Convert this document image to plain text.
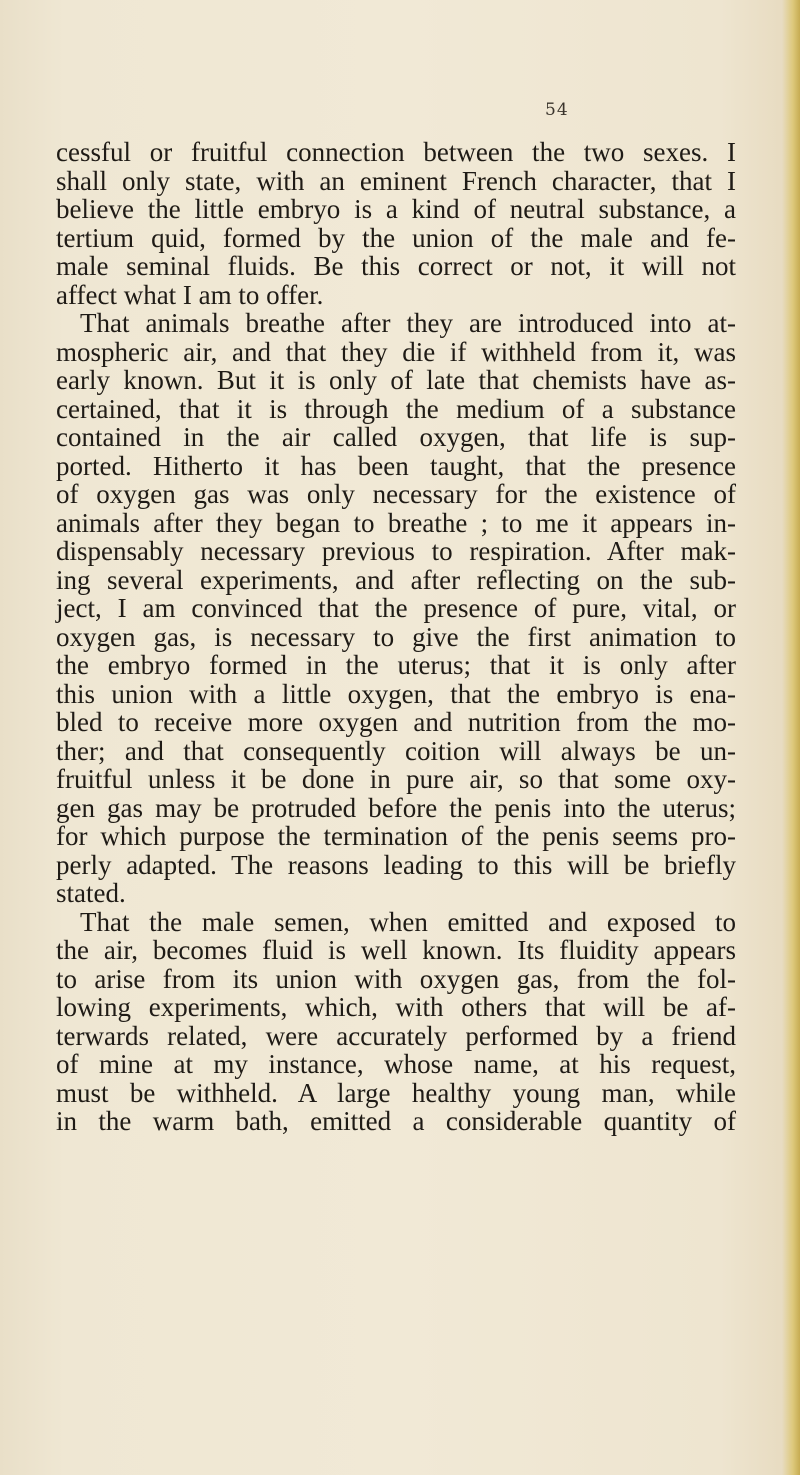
54
cessful or fruitful connection between the two sexes. I
shall only state, with an eminent French character, that I
believe the little embryo is a kind of neutral substance, a
tertium quid, formed by the union of the male and fe-
male seminal fluids. Be this correct or not, it will not
affect what I am to offer.
That animals breathe after they are introduced into at-
mospheric air, and that they die if withheld from it, was
early known. But it is only of late that chemists have as-
certained, that it is through the medium of a substance
contained in the air called oxygen, that life is sup-
ported. Hitherto it has been taught, that the presence
of oxygen gas was only necessary for the existence of
animals after they began to breathe ; to me it appears in-
dispensably necessary previous to respiration. After mak-
ing several experiments, and after reflecting on the sub-
ject, I am convinced that the presence of pure, vital, or
oxygen gas, is necessary to give the first animation to
the embryo formed in the uterus; that it is only after
this union with a little oxygen, that the embryo is ena-
bled to receive more oxygen and nutrition from the mo-
ther; and that consequently coition will always be un-
fruitful unless it be done in pure air, so that some oxy-
gen gas may be protruded before the penis into the uterus;
for which purpose the termination of the penis seems pro-
perly adapted. The reasons leading to this will be briefly
stated.
That the male semen, when emitted and exposed to
the air, becomes fluid is well known. Its fluidity appears
to arise from its union with oxygen gas, from the fol-
lowing experiments, which, with others that will be af-
terwards related, were accurately performed by a friend
of mine at my instance, whose name, at his request,
must be withheld. A large healthy young man, while
in the warm bath, emitted a considerable quantity of
